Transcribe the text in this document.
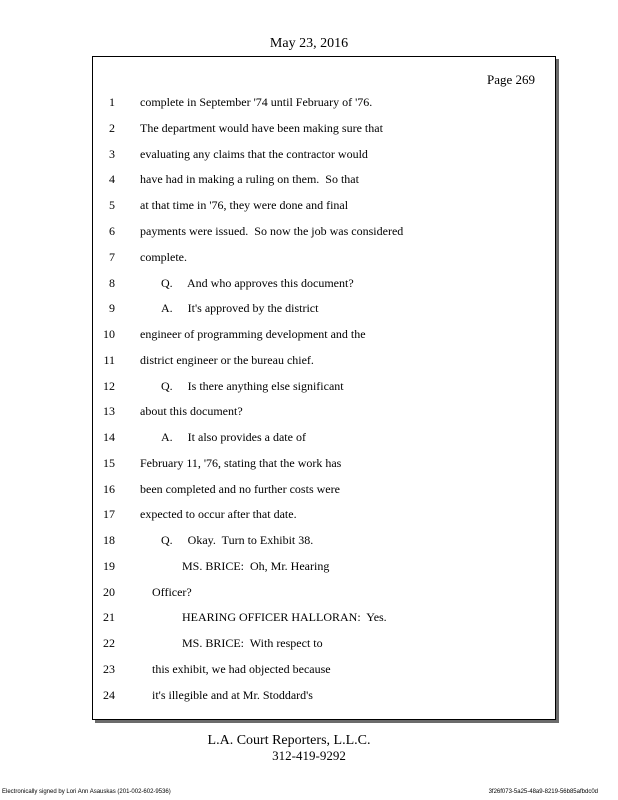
May 23, 2016
Page 269
1
2
3
4
5
6
7
8
9
10
11
12
13
14
15
16
17
18
19
20
21
22
23
24
complete in September '74 until February of '76.
The department would have been making sure that
evaluating any claims that the contractor would
have had in making a ruling on them.  So that
at that time in '76, they were done and final
payments were issued.  So now the job was considered
complete.
Q.     And who approves this document?
A.     It's approved by the district
engineer of programming development and the
district engineer or the bureau chief.
Q.     Is there anything else significant
about this document?
A.     It also provides a date of
February 11, '76, stating that the work has
been completed and no further costs were
expected to occur after that date.
Q.     Okay.  Turn to Exhibit 38.
MS. BRICE:  Oh, Mr. Hearing
Officer?
HEARING OFFICER HALLORAN:  Yes.
MS. BRICE:  With respect to
this exhibit, we had objected because
it's illegible and at Mr. Stoddard's
L.A. Court Reporters, L.L.C.
312-419-9292
Electronically signed by Lori Ann Asauskas (201-002-602-9536)	3f26f073-5a25-48a9-8219-56b85afbdc0d
